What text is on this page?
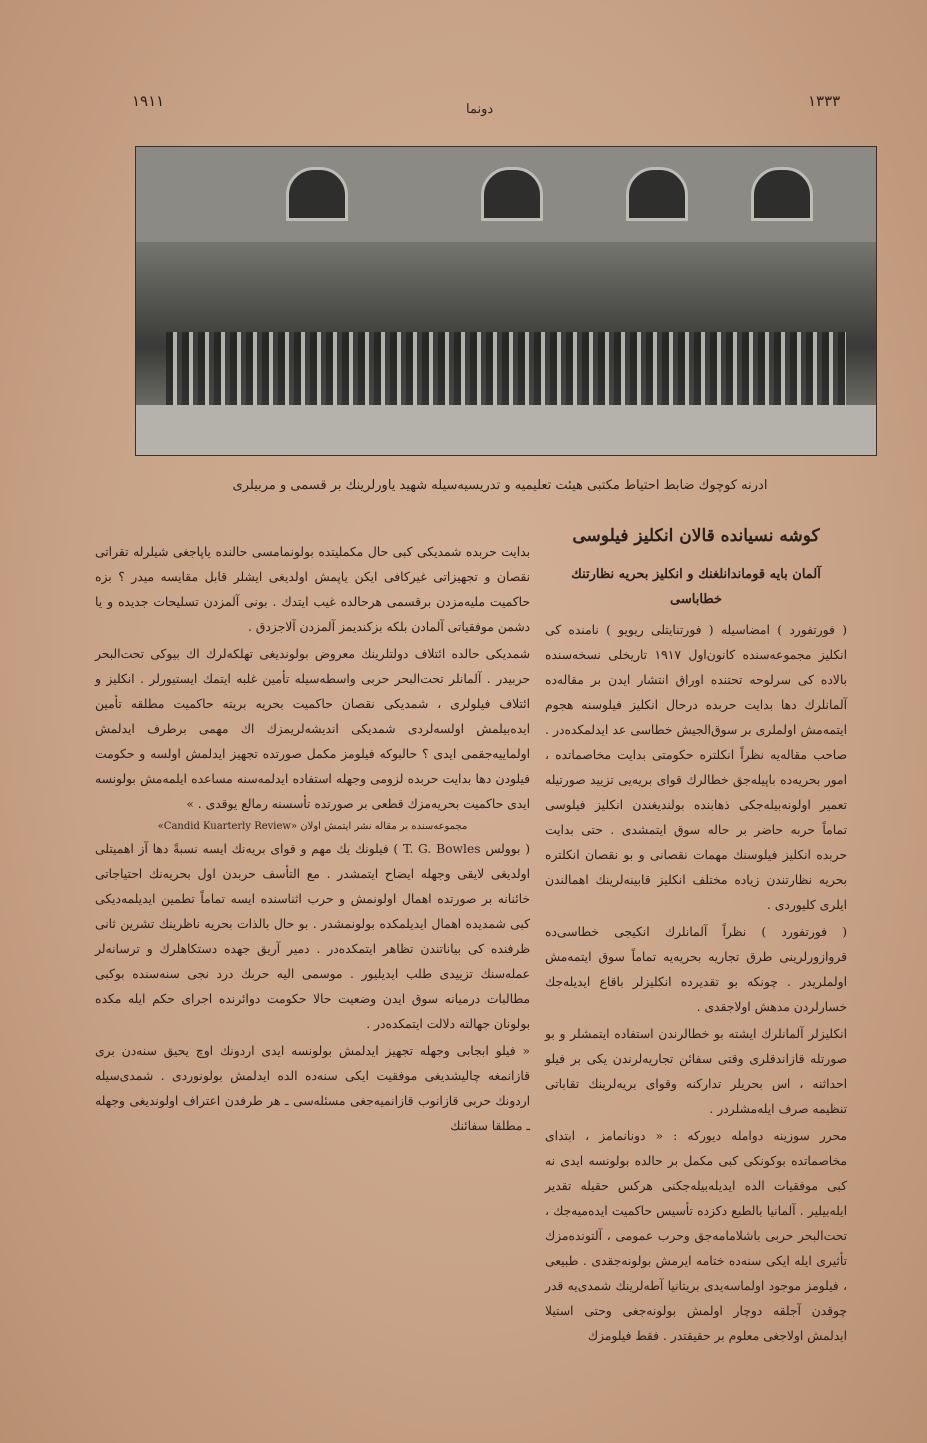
١٩١١	دونما	١٣٣٣
ادرنه کوچوك ضابط احتیاط مکتبی هیئت تعلیمیه و تدریسیه‌سیله شهید یاورلرینك بر قسمی و مربیلری
کوشه نسیانده قالان انکلیز فیلوسی
آلمان بایه قوماندانلغنك و انکلیز بحریه نظارتنك خطاباسی

( فورتفورد ) امضاسیله ( فورتنایتلی ریویو ) نامنده کی انکلیز مجموعه‌سنده کانون‌اول ١٩١٧ تاریخلی نسخه‌سنده بالاده کی سرلوحه تحتنده اوراق انتشار ایدن بر مقاله‌ده آلمانلرك دها بدایت حربده درحال انکلیز فیلوسنه هجوم ایتمه‌مش اولملری بر سوق‌الجیش خطاسی عد ایدلمکده‌در . صاحب مقاله‌یه نظراً انکلتره حکومتی بدایت مخاصماتده ، امور بحریه‌ده باپیله‌جق خطالرك قوای بریه‌یی تزیید صورتیله تعمیر اولونه‌بیله‌جکی ذهابنده بولندیغندن انکلیز فیلوسی تماماً حربه حاضر بر حاله سوق ایتمشدی . حتی بدایت حربده انکلیز فیلوسنك مهمات نقصانی و بو نقصان انکلتره بحریه نظارتندن زیاده مختلف انکلیز قابینه‌لرینك اهمالندن ایلری کلیوردی .

( فورتفورد ) نظراً آلمانلرك انکیجی خطاسی‌ده قروازورلرینی طرق تجاریه بحریه‌یه تماماً سوق ایتمه‌مش اولملریدر . چونکه بو تقدیرده انکلیزلر باقاع ایدیله‌جك خسارلردن مدهش اولاجقدی .

انکلیزلر آلمانلرك ایشته بو خطالرندن استفاده ایتمشلر و بو صورتله قازاندقلری وقتی سفائن تجاریه‌لرندن یکی بر فیلو احداثنه ، اس بحریلر تدارکنه وقوای بریه‌لرینك تقاباتی تنظیمه صرف ایله‌مشلردر .

محرر سوزینه دوامله دیورکه : « دونانمامز ، ابتدای مخاصماتده بوکونکی کبی مکمل بر حالده بولونسه ایدی نه کبی موفقیات الده ایدیله‌بیله‌جکنی هرکس حقیله تقدیر ایله‌بیلیر . آلمانیا بالطبع دکزده تأسیس حاکمیت ایده‌میه‌جك ، تحت‌البحر حربی باشلامامه‌جق وحرب عمومی ، آلتونده‌مزك تأثیری ایله ایکی سنه‌ده ختامه ایرمش بولونه‌جقدی . طبیعی ، فیلومز موجود اولماسه‌یدی بریتانیا آطه‌لرینك شمدی‌یه قدر چوقدن آجلقه دوچار اولمش بولونه‌جغی وحتی استیلا ایدلمش اولاجغی معلوم بر حقیقتدر . فقط فیلومزك

بدایت حربده شمدیکی کبی حال مکملیتده بولونمامسی حالنده یاپاجغی شیلرله تقراتی نقصان و تجهیزاتی غیرکافی ایکن یاپمش اولدیغی ایشلر قابل مقایسه میدر ؟ بزه حاکمیت ملیه‌مزدن برقسمی هرحالده غیب ایتدك . بونی آلمزدن تسلیحات جدیده و یا دشمن موفقیاتی آلمادن بلکه بزکندیمز آلمزدن آلاجزدق .

شمدیکی حالده ائتلاف دولتلرینك معروض بولوندیغی تهلکه‌لرك اك بیوکی تحت‌البحر حربیدر . آلمانلر تحت‌البحر حربی واسطه‌سیله تأمین غلبه ایتمك ایستیورلر . انکلیز و ائتلاف فیلولری ، شمدیکی نقصان حاکمیت بحریه بریته حاکمیت مطلقه تأمین ایده‌بیلمش اولسه‌لردی شمدیکی اندیشه‌لریمزك اك مهمی برطرف ایدلمش اولماییه‌جقمی ایدی ؟ حالبوکه فیلومز مکمل صورتده تجهیز ایدلمش اولسه و حکومت فیلودن دها بدایت حربده لزومی وجهله استفاده ایدلمه‌سنه مساعده ایلمه‌مش بولونسه ایدی حاکمیت بحریه‌مزك قطعی بر صورتده تأسسنه رمالع یوقدی . »

«Candid Kuarterly Review» مجموعه‌سنده بر مقاله نشر ایتمش اولان

( بوولس T. G. Bowles ) فیلونك یك مهم و قوای بریه‌نك ایسه نسبةً دها آز اهمیتلی اولدیغی لایقی وجهله ایضاح ایتمشدر . مع التأسف حربدن اول بحریه‌نك احتیاجاتی خائنانه بر صورتده اهمال اولونمش و حرب اثناسنده ایسه تماماً تطمین ایدیلمه‌دیکی کبی شمدیده اهمال ایدیلمکده بولونمشدر . بو حال بالذات بحریه ناظرینك تشرین ثانی ظرفنده کی بیاناتندن تظاهر ایتمکده‌در . دمیر آریق جهده دستکاهلرك و ترسانه‌لر عمله‌سنك تزییدی طلب ایدیلیور . موسمی الیه حربك درد نجی سنه‌سنده بوکبی مطالبات درمیانه سوق ایدن وضعیت حالا حکومت دوائرنده اجرای حکم ایله مکده بولونان جهالته دلالت ایتمکده‌در .

« فیلو ابجابی وجهله تجهیز ایدلمش بولونسه ایدی اردونك اوچ یحیق سنه‌دن بری قازانمغه چالیشدیغی موفقیت ایکی سنه‌ده الده ایدلمش بولونوردی . شمدی‌سیله اردونك حربی قازانوب قازانمیه‌جغی مسئله‌سی ـ هر طرفدن اعتراف اولوندیغی وجهله ـ مطلقا سفائنك
